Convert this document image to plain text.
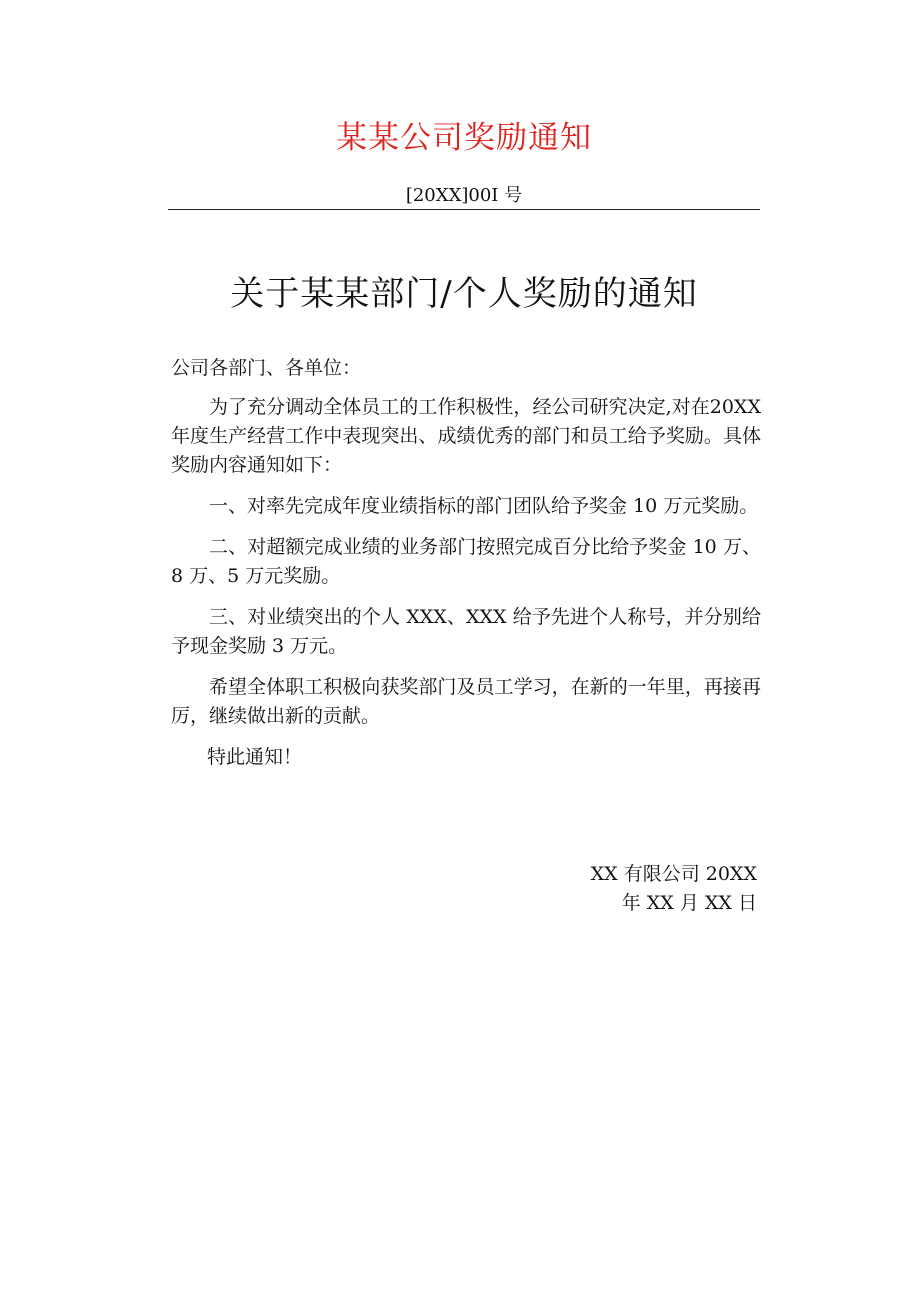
某某公司奖励通知
[20XX]00I 号
关于某某部门/个人奖励的通知

公司各部门、各单位：

为了充分调动全体员工的工作积极性，经公司研究决定,对在20XX 年度生产经营工作中表现突出、成绩优秀的部门和员工给予奖励。具体奖励内容通知如下：

一、对率先完成年度业绩指标的部门团队给予奖金 10 万元奖励。

二、对超额完成业绩的业务部门按照完成百分比给予奖金 10 万、8 万、5 万元奖励。

三、对业绩突出的个人 XXX、XXX 给予先进个人称号，并分别给予现金奖励 3 万元。

希望全体职工积极向获奖部门及员工学习，在新的一年里，再接再厉，继续做出新的贡献。

特此通知！

XX 有限公司 20XX
年 XX 月 XX 日
